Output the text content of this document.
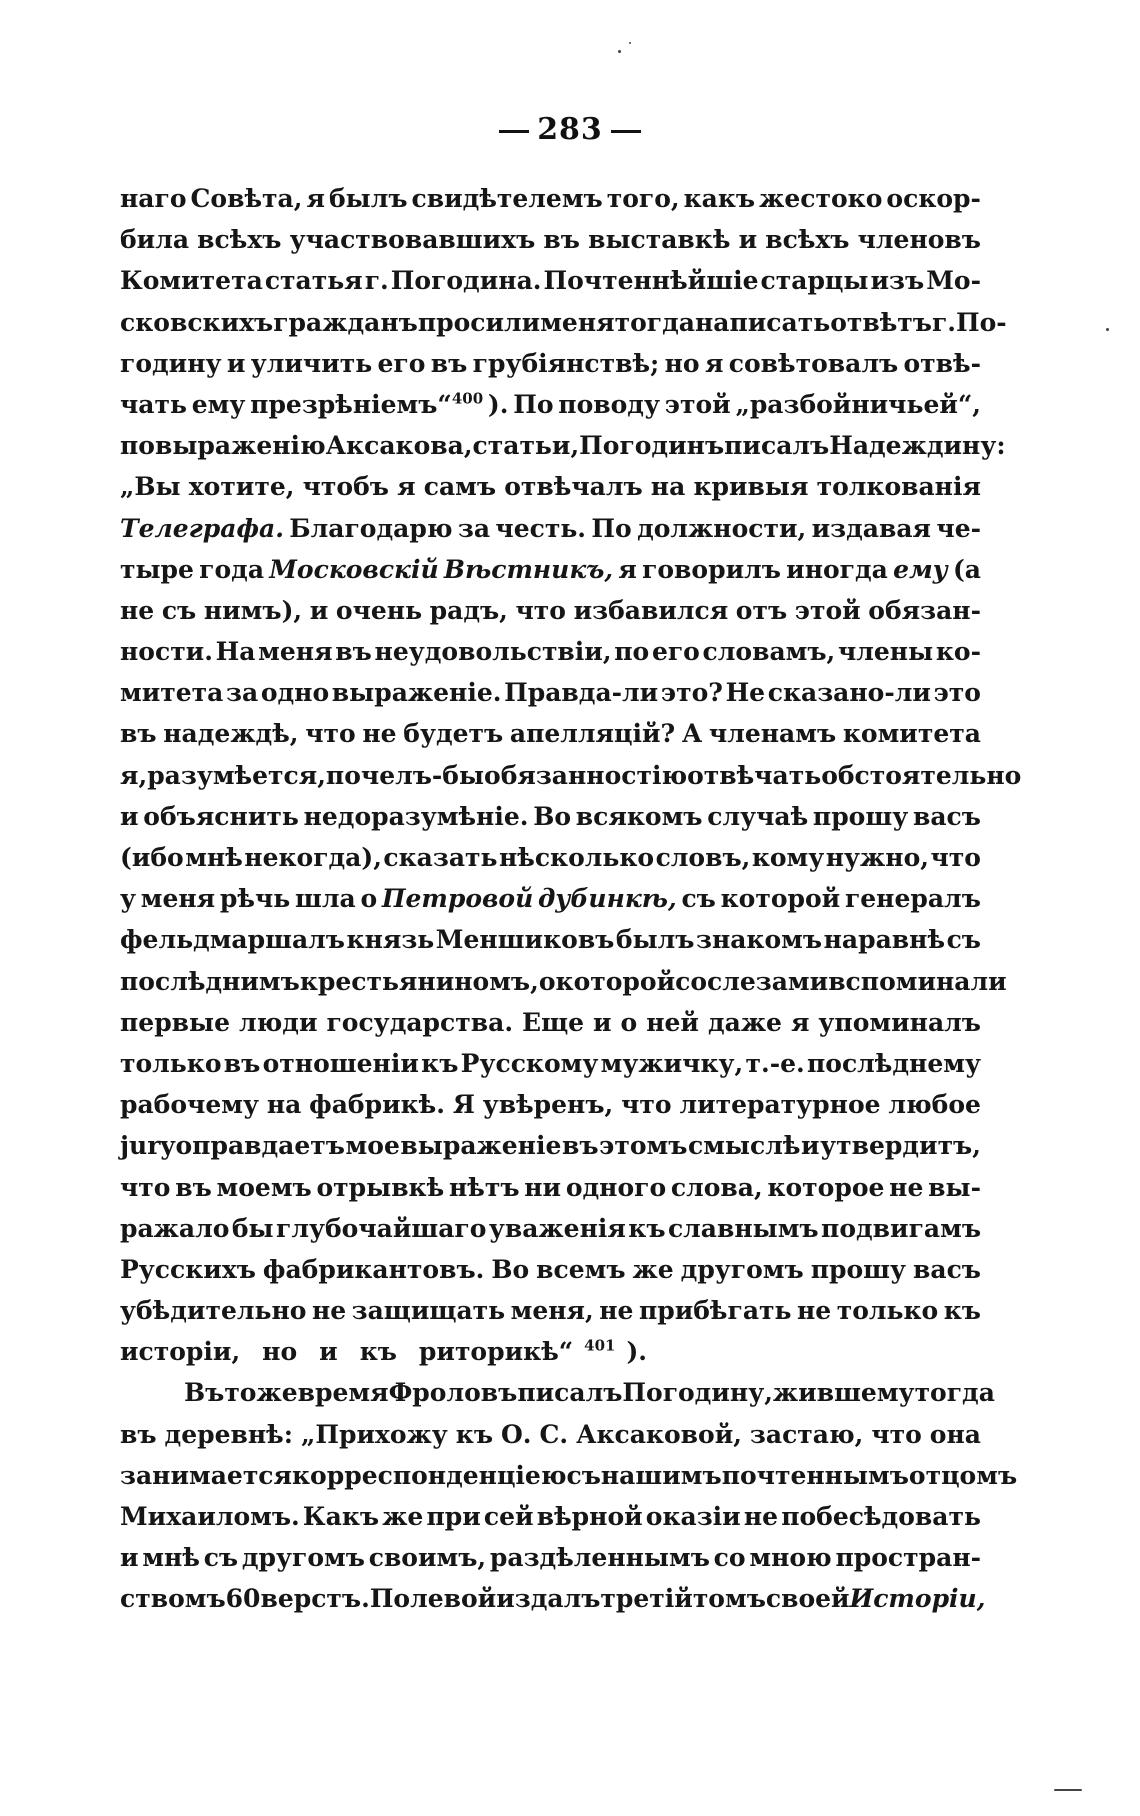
283
наго Совѣта, я былъ свидѣтелемъ того, какъ жестоко оскор-
била всѣхъ участвовавшихъ въ выставкѣ и всѣхъ членовъ
Комитета статья г. Погодина. Почтеннѣйшіе старцы изъ Мо-
сковскихъ гражданъ просили меня тогда написать отвѣтъ г. По-
годину и уличить его въ грубіянствѣ; но я совѣтовалъ отвѣ-
чать ему презрѣніемъ“$^{400}$ ). По поводу этой „разбойничьей“,
по выраженію Аксакова, статьи, Погодинъ писалъ Надеждину:
„Вы хотите, чтобъ я самъ отвѣчалъ на кривыя толкованія
Телеграфа. Благодарю за честь. По должности, издавая че-
тыре года Московскій Вѣстникъ, я говорилъ иногда ему (а
не съ нимъ), и очень радъ, что избавился отъ этой обязан-
ности. На меня въ неудовольствіи, по его словамъ, члены ко-
митета за одно выраженіе. Правда-ли это? Не сказано-ли это
въ надеждѣ, что не будетъ апелляцій? А членамъ комитета
я, разумѣется, почелъ-бы обязанностію отвѣчать обстоятельно
и объяснить недоразумѣніе. Во всякомъ случаѣ прошу васъ
(ибо мнѣ некогда), сказать нѣсколько словъ, кому нужно, что
у меня рѣчь шла о Петровой дубинкѣ, съ которой генералъ
фельдмаршалъ князь Меншиковъ былъ знакомъ наравнѣ съ
послѣднимъ крестьяниномъ, о которой со слезами вспоминали
первые люди государства. Еще и о ней даже я упоминалъ
только въ отношеніи къ Русскому мужичку, т.-е. послѣднему
рабочему на фабрикѣ. Я увѣренъ, что литературное любое
jury оправдаетъ мое выраженіе въ этомъ смыслѣ и утвердитъ,
что въ моемъ отрывкѣ нѣтъ ни одного слова, которое не вы-
ражало бы глубочайшаго уваженія къ славнымъ подвигамъ
Русскихъ фабрикантовъ. Во всемъ же другомъ прошу васъ
убѣдительно не защищать меня, не прибѣгать не только къ
исторіи, но и къ риторикѣ“ $^{401}$ ).
Въ тоже время Фроловъ писалъ Погодину, жившему тогда
въ деревнѣ: „Прихожу къ О. С. Аксаковой, застаю, что она
занимается корреспонденціею съ нашимъ почтеннымъ отцомъ
Михаиломъ. Какъ же при сей вѣрной оказіи не побесѣдовать
и мнѣ съ другомъ своимъ, раздѣленнымъ со мною простран-
ствомъ 60 верстъ. Полевой издалъ третій томъ своей Исторіи,
